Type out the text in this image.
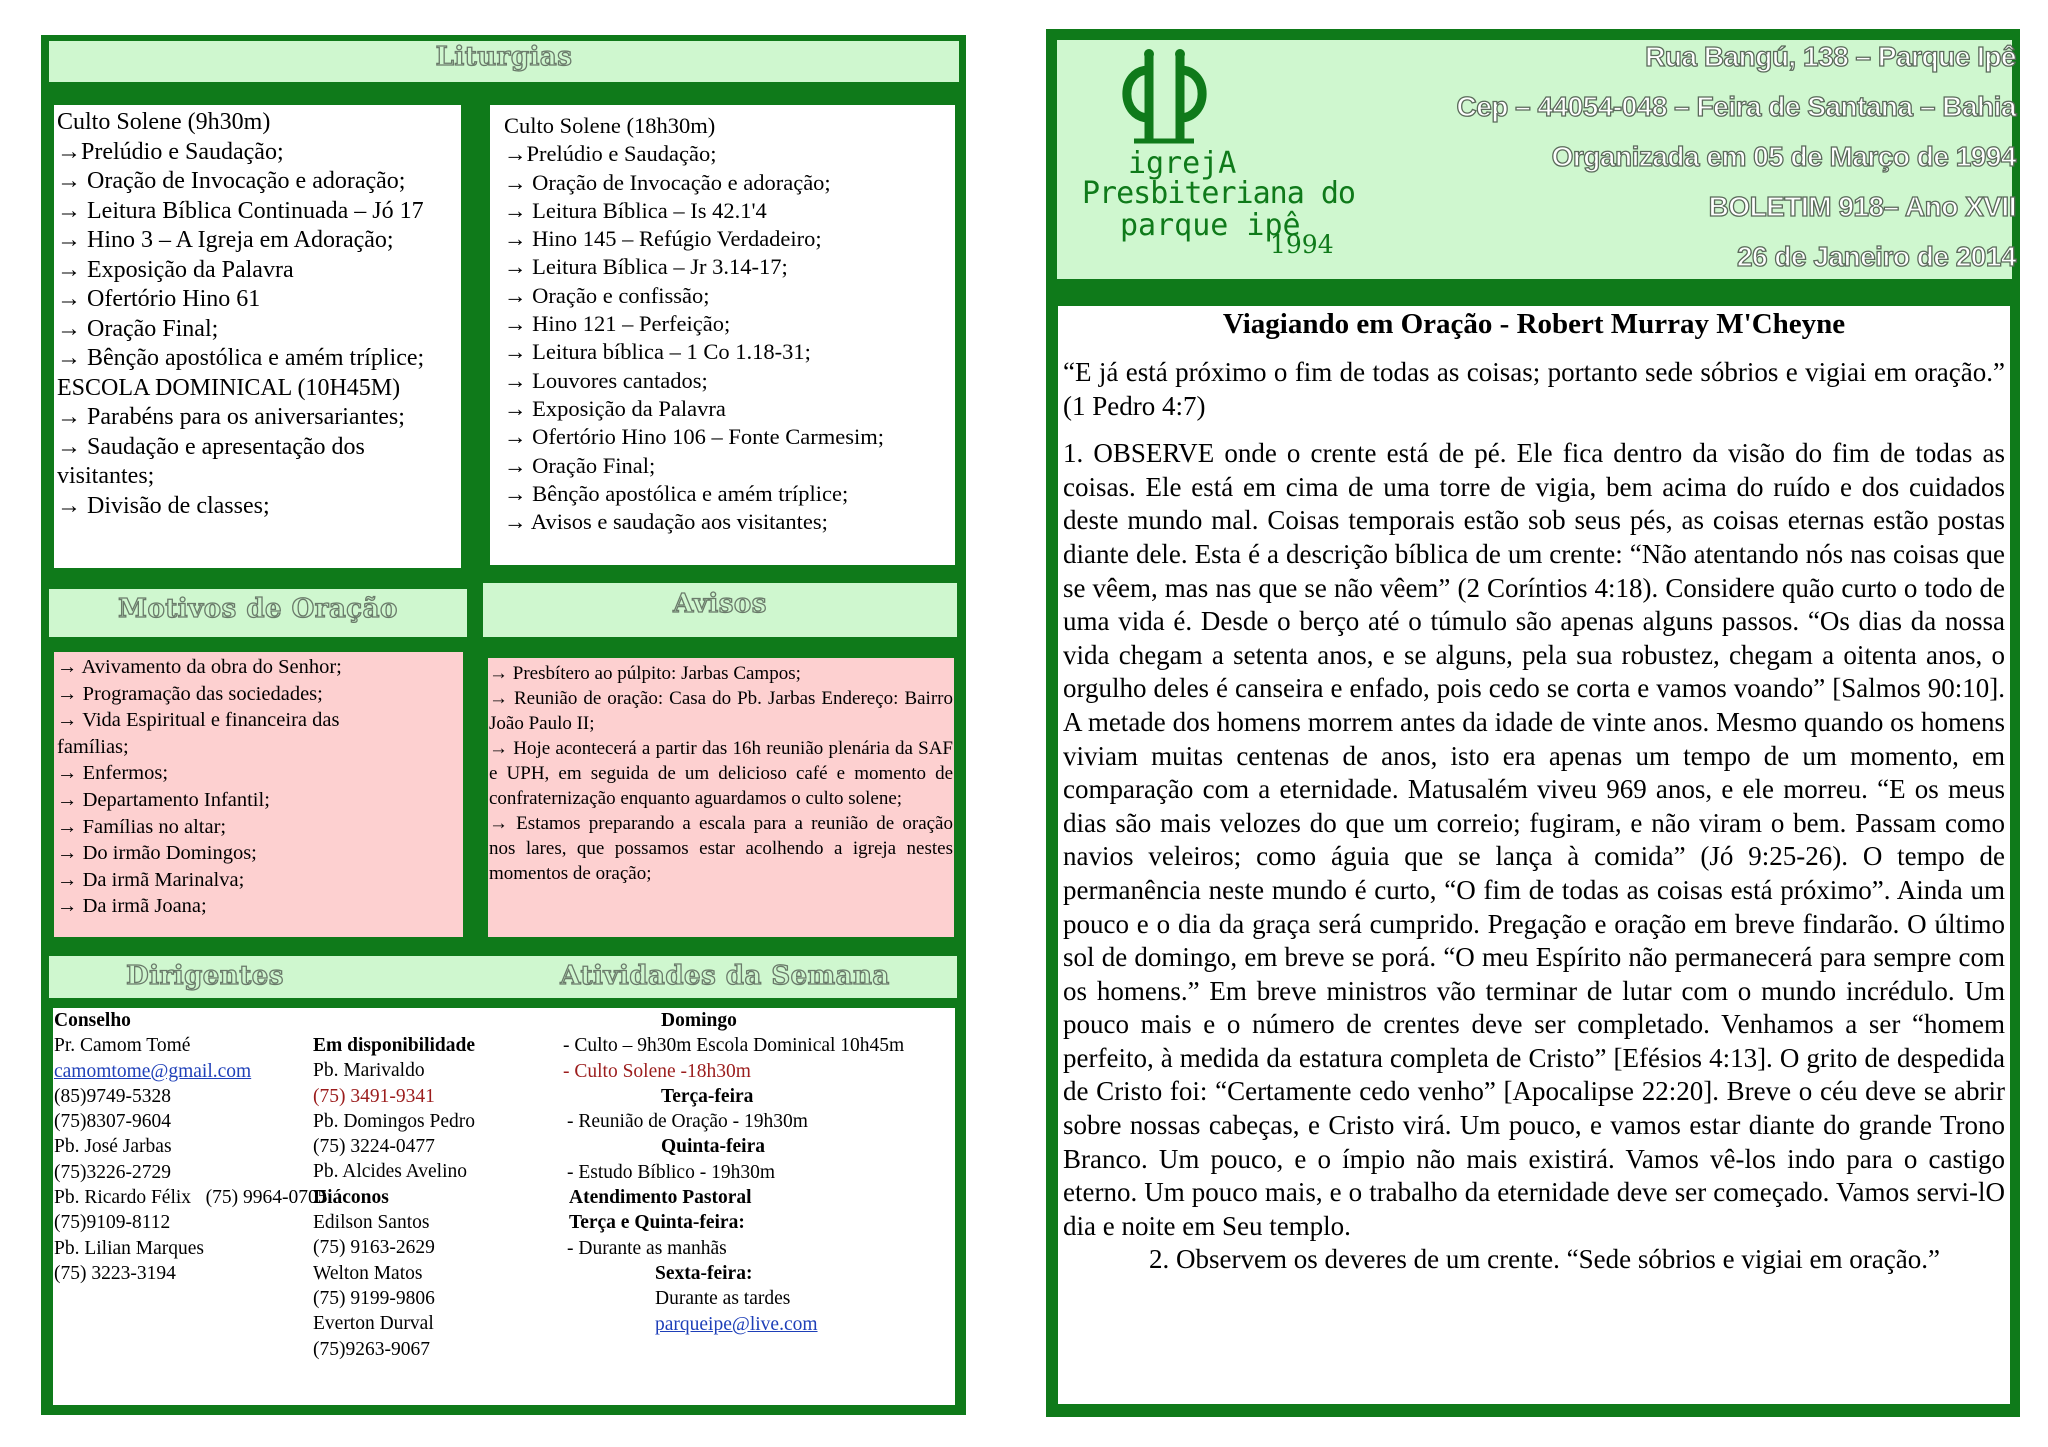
Liturgias
Culto Solene (9h30m)
→Prelúdio e Saudação;
→ Oração de Invocação e adoração;
→ Leitura Bíblica Continuada – Jó 17
→ Hino 3 – A Igreja em Adoração;
→ Exposição da Palavra
→ Ofertório Hino 61
→ Oração Final;
→ Bênção apostólica e amém tríplice;
ESCOLA DOMINICAL (10H45M)
→ Parabéns para os aniversariantes;
→ Saudação e apresentação dos visitantes;
→ Divisão de classes;
Culto Solene (18h30m)
→Prelúdio e Saudação;
→ Oração de Invocação e adoração;
→ Leitura Bíblica – Is 42.1'4
→ Hino 145 – Refúgio Verdadeiro;
→ Leitura Bíblica – Jr 3.14-17;
→ Oração e confissão;
→ Hino 121 – Perfeição;
→ Leitura bíblica – 1 Co 1.18-31;
→ Louvores cantados;
→ Exposição da Palavra
→ Ofertório Hino 106 – Fonte Carmesim;
→ Oração Final;
→ Bênção apostólica e amém tríplice;
→ Avisos e saudação aos visitantes;
Motivos de Oração	Avisos
→ Avivamento da obra do Senhor;
→ Programação das sociedades;
→ Vida Espiritual e financeira das famílias;
→ Enfermos;
→ Departamento Infantil;
→ Famílias no altar;
→ Do irmão Domingos;
→ Da irmã Marinalva;
→ Da irmã Joana;
→ Presbítero ao púlpito: Jarbas Campos;
→ Reunião de oração: Casa do Pb. Jarbas Endereço: Bairro João Paulo II;
→ Hoje acontecerá a partir das 16h reunião plenária da SAF e UPH, em seguida de um delicioso café e momento de confraternização enquanto aguardamos o culto solene;
→ Estamos preparando a escala para a reunião de oração nos lares, que possamos estar acolhendo a igreja nestes momentos de oração;
Dirigentes	Atividades da Semana
Conselho
Pr. Camom Tomé
camomtome@gmail.com
(85)9749-5328
(75)8307-9604
Pb. José Jarbas
(75)3226-2729
Pb. Ricardo Félix   (75) 9964-0705
(75)9109-8112
Pb. Lilian Marques
(75) 3223-3194
Em disponibilidade
Pb. Marivaldo
(75) 3491-9341
Pb. Domingos Pedro
(75) 3224-0477
Pb. Alcides Avelino
Diáconos
Edilson Santos
(75) 9163-2629
Welton Matos
(75) 9199-9806
Everton Durval
(75)9263-9067
Domingo
- Culto – 9h30m Escola Dominical 10h45m
- Culto Solene -18h30m
Terça-feira
- Reunião de Oração - 19h30m
Quinta-feira
- Estudo Bíblico - 19h30m
Atendimento Pastoral
Terça e Quinta-feira:
- Durante as manhãs
Sexta-feira:
Durante as tardes
parqueipe@live.com
igrejA
Presbiteriana do
parque ipê
1994
Rua Bangú, 138 – Parque Ipê
Cep – 44054-048 – Feira de Santana – Bahia
Organizada em 05 de Março de 1994
BOLETIM 918– Ano XVII
26 de Janeiro de 2014
Viagiando em Oração - Robert Murray M'Cheyne

“E já está próximo o fim de todas as coisas; portanto sede sóbrios e vigiai em oração.” (1 Pedro 4:7)

1. OBSERVE onde o crente está de pé. Ele fica dentro da visão do fim de todas as coisas. Ele está em cima de uma torre de vigia, bem acima do ruído e dos cuidados deste mundo mal. Coisas temporais estão sob seus pés, as coisas eternas estão postas diante dele. Esta é a descrição bíblica de um crente: “Não atentando nós nas coisas que se vêem, mas nas que se não vêem” (2 Coríntios 4:18). Considere quão curto o todo de uma vida é. Desde o berço até o túmulo são apenas alguns passos. “Os dias da nossa vida chegam a setenta anos, e se alguns, pela sua robustez, chegam a oitenta anos, o orgulho deles é canseira e enfado, pois cedo se corta e vamos voando” [Salmos 90:10]. A metade dos homens morrem antes da idade de vinte anos. Mesmo quando os homens viviam muitas centenas de anos, isto era apenas um tempo de um momento, em comparação com a eternidade. Matusalém viveu 969 anos, e ele morreu. “E os meus dias são mais velozes do que um correio; fugiram, e não viram o bem. Passam como navios veleiros; como águia que se lança à comida” (Jó 9:25-26). O tempo de permanência neste mundo é curto, “O fim de todas as coisas está próximo”. Ainda um pouco e o dia da graça será cumprido. Pregação e oração em breve findarão. O último sol de domingo, em breve se porá. “O meu Espírito não permanecerá para sempre com os homens.” Em breve ministros vão terminar de lutar com o mundo incrédulo. Um pouco mais e o número de crentes deve ser completado. Venhamos a ser “homem perfeito, à medida da estatura completa de Cristo” [Efésios 4:13]. O grito de despedida de Cristo foi: “Certamente cedo venho” [Apocalipse 22:20]. Breve o céu deve se abrir sobre nossas cabeças, e Cristo virá. Um pouco, e vamos estar diante do grande Trono Branco. Um pouco, e o ímpio não mais existirá. Vamos vê-los indo para o castigo eterno. Um pouco mais, e o trabalho da eternidade deve ser começado. Vamos servi-lO dia e noite em Seu templo.

2. Observem os deveres de um crente. “Sede sóbrios e vigiai em oração.”
